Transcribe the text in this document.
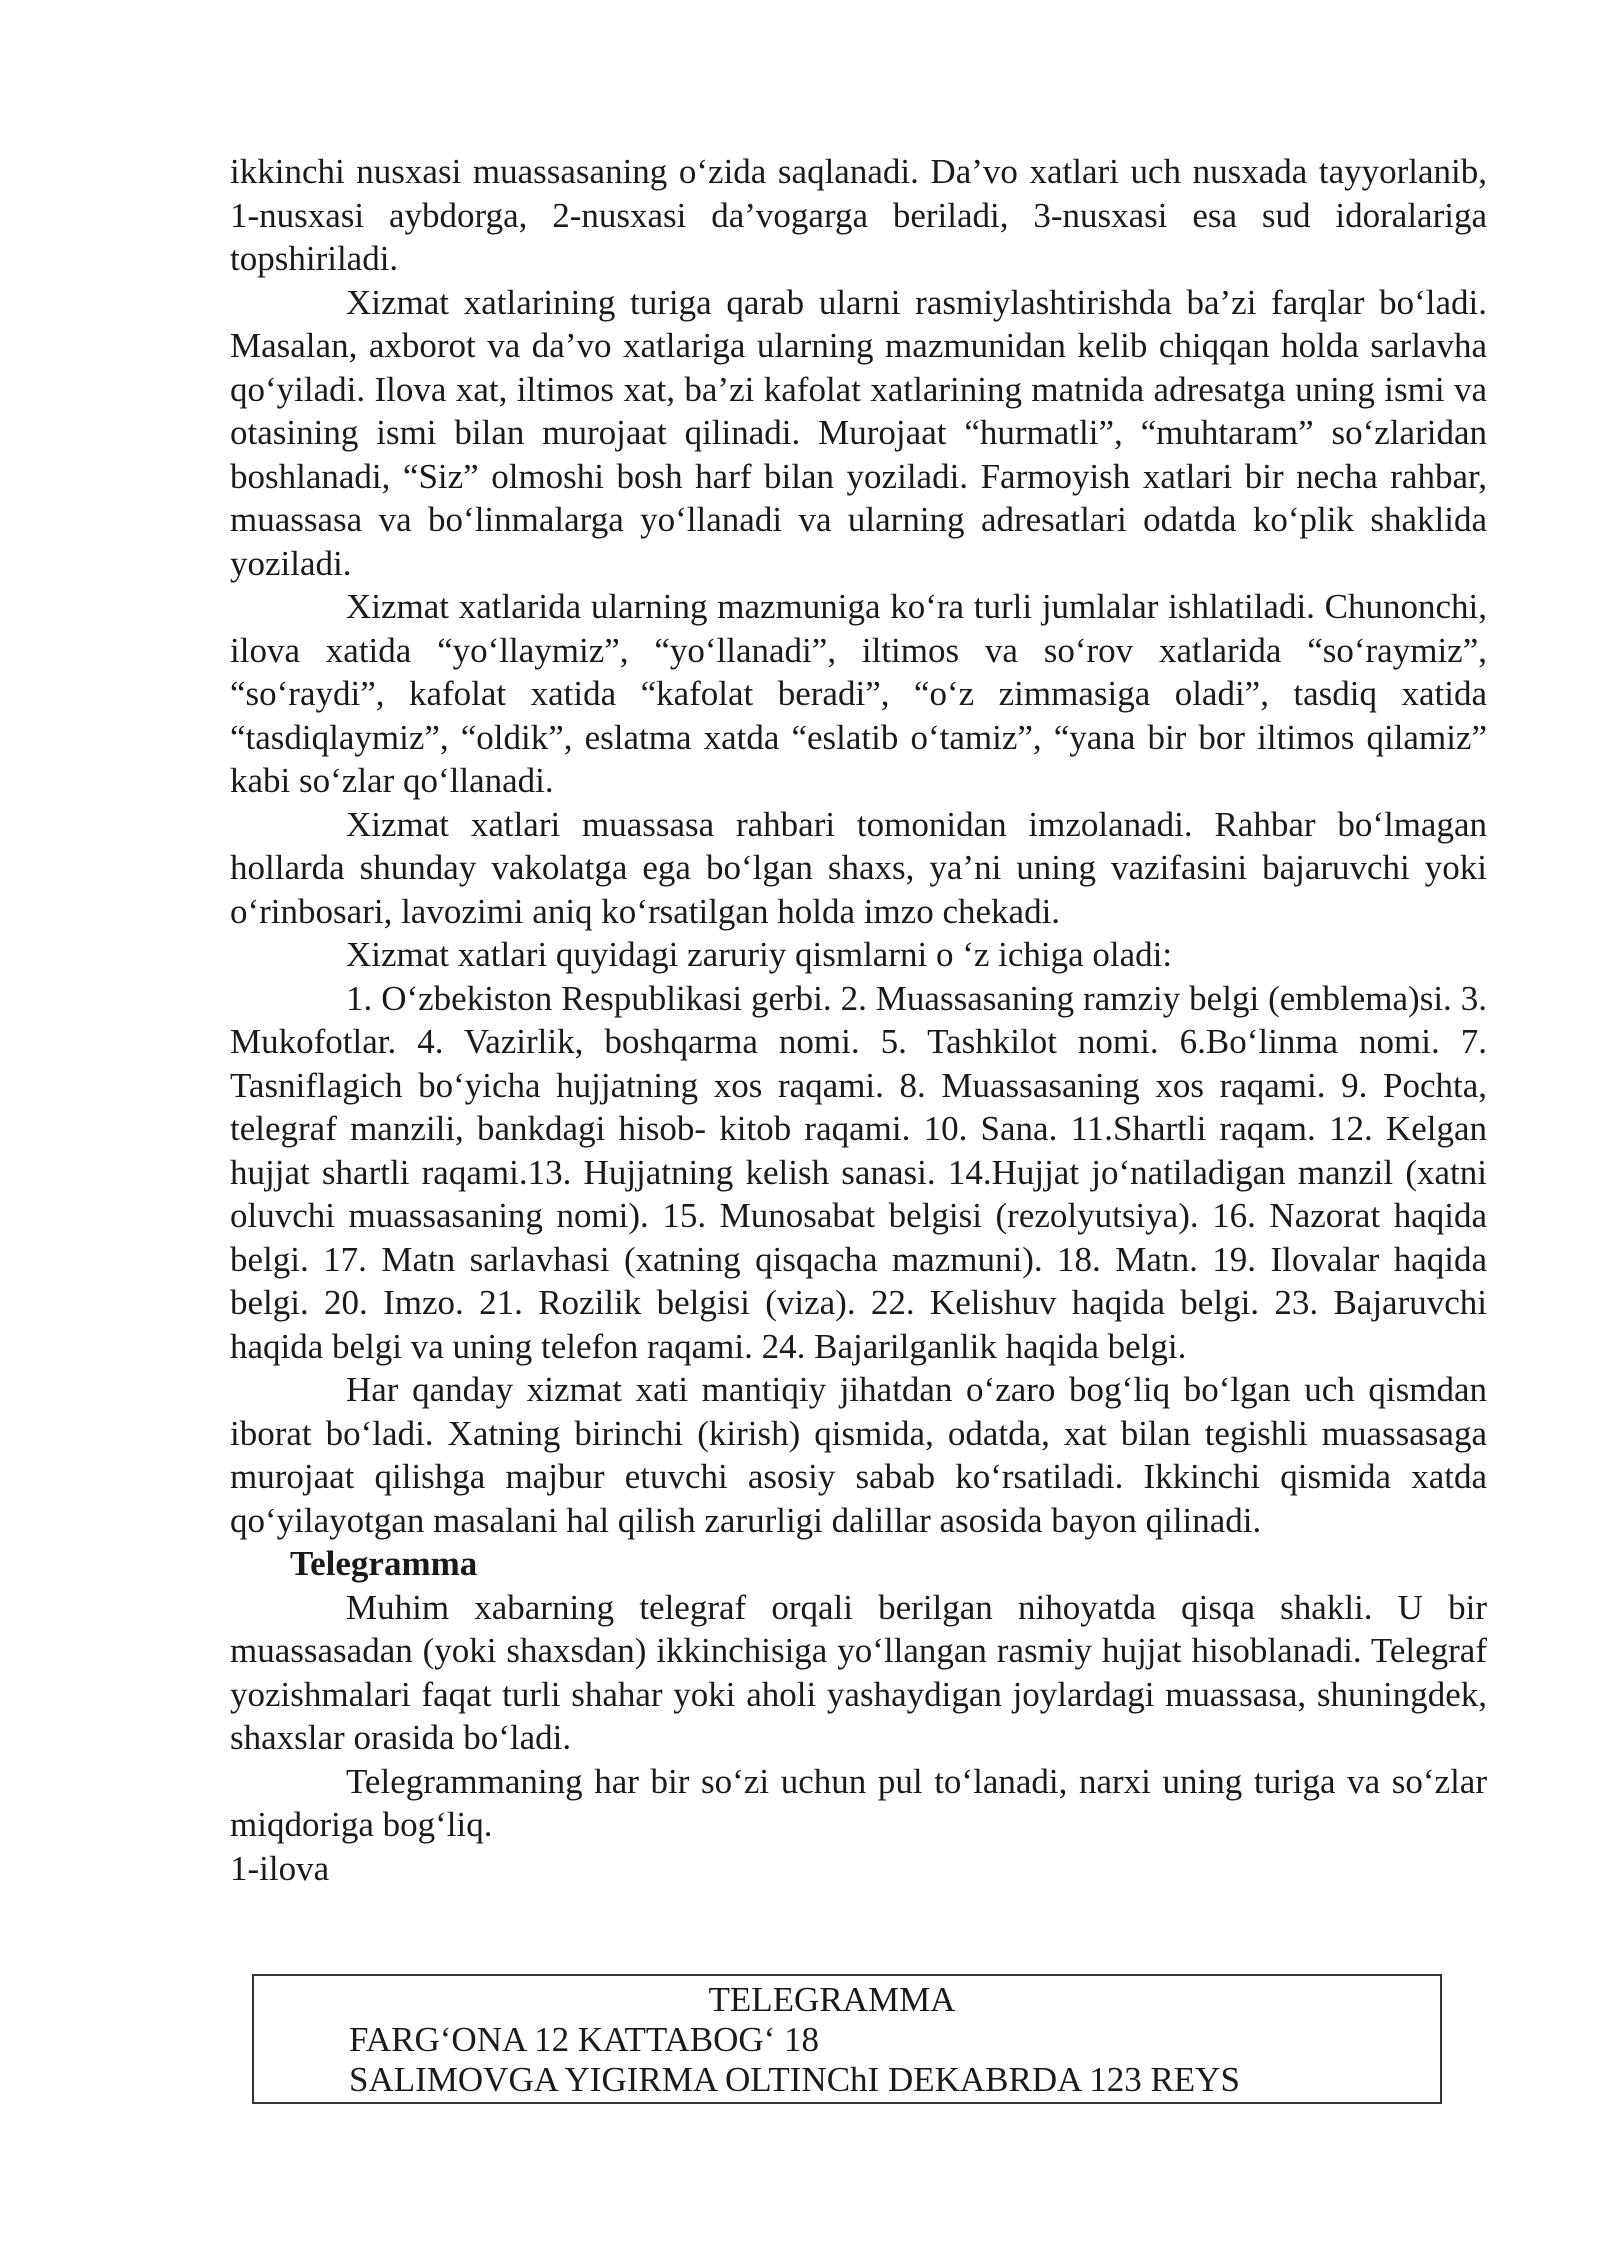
ikkinchi nusxasi muassasaning o‘zida saqlanadi. Da’vo xatlari uch nusxada tayyorlanib, 1-nusxasi aybdorga, 2-nusxasi da’vogarga beriladi, 3-nusxasi esa sud idoralariga topshiriladi.

Xizmat xatlarining turiga qarab ularni rasmiylashtirishda ba’zi farqlar bo‘ladi. Masalan, axborot va da’vo xatlariga ularning mazmunidan kelib chiqqan holda sarlavha qo‘yiladi. Ilova xat, iltimos xat, ba’zi kafolat xatlarining matnida adresatga uning ismi va otasining ismi bilan murojaat qilinadi. Murojaat “hurmatli”, “muhtaram” so‘zlaridan boshlanadi, “Siz” olmoshi bosh harf bilan yoziladi. Farmoyish xatlari bir necha rahbar, muassasa va bo‘linmalarga yo‘llanadi va ularning adresatlari odatda ko‘plik shaklida yoziladi.

Xizmat xatlarida ularning mazmuniga ko‘ra turli jumlalar ishlatiladi. Chunonchi, ilova xatida “yo‘llaymiz”, “yo‘llanadi”, iltimos va so‘rov xatlarida “so‘raymiz”, “so‘raydi”, kafolat xatida “kafolat beradi”, “o‘z zimmasiga oladi”, tasdiq xatida “tasdiqlaymiz”, “oldik”, eslatma xatda “eslatib o‘tamiz”, “yana bir bor iltimos qilamiz” kabi so‘zlar qo‘llanadi.

Xizmat xatlari muassasa rahbari tomonidan imzolanadi. Rahbar bo‘lmagan hollarda shunday vakolatga ega bo‘lgan shaxs, ya’ni uning vazifasini bajaruvchi yoki o‘rinbosari, lavozimi aniq ko‘rsatilgan holda imzo chekadi.

Xizmat xatlari quyidagi zaruriy qismlarni o ‘z ichiga oladi:

1. O‘zbekiston Respublikasi gerbi. 2. Muassasaning ramziy belgi (emblema)si. 3. Mukofotlar. 4. Vazirlik, boshqarma nomi. 5. Tashkilot nomi. 6.Bo‘linma nomi. 7. Tasniflagich bo‘yicha hujjatning xos raqami. 8. Muassasaning xos raqami. 9. Pochta, telegraf manzili, bankdagi hisob- kitob raqami. 10. Sana. 11.Shartli raqam. 12. Kelgan hujjat shartli raqami.13. Hujjatning kelish sanasi. 14.Hujjat jo‘natiladigan manzil (xatni oluvchi muassasaning nomi). 15. Munosabat belgisi (rezolyutsiya). 16. Nazorat haqida belgi. 17. Matn sarlavhasi (xatning qisqacha mazmuni). 18. Matn. 19. Ilovalar haqida belgi. 20. Imzo. 21. Rozilik belgisi (viza). 22. Kelishuv haqida belgi. 23. Bajaruvchi haqida belgi va uning telefon raqami. 24. Bajarilganlik haqida belgi.

Har qanday xizmat xati mantiqiy jihatdan o‘zaro bog‘liq bo‘lgan uch qismdan iborat bo‘ladi. Xatning birinchi (kirish) qismida, odatda, xat bilan tegishli muassasaga murojaat qilishga majbur etuvchi asosiy sabab ko‘rsatiladi. Ikkinchi qismida xatda qo‘yilayotgan masalani hal qilish zarurligi dalillar asosida bayon qilinadi.

Telegramma

Muhim xabarning telegraf orqali berilgan nihoyatda qisqa shakli. U bir muassasadan (yoki shaxsdan) ikkinchisiga yo‘llangan rasmiy hujjat hisoblanadi. Telegraf yozishmalari faqat turli shahar yoki aholi yashaydigan joylardagi muassasa, shuningdek, shaxslar orasida bo‘ladi.

Telegrammaning har bir so‘zi uchun pul to‘lanadi, narxi uning turiga va so‘zlar miqdoriga bog‘liq.

1-ilova

TELEGRAMMA

FARG‘ONA 12 KATTABOG‘ 18

SALIMOVGA YIGIRMA OLTINChI DEKABRDA 123 REYS
